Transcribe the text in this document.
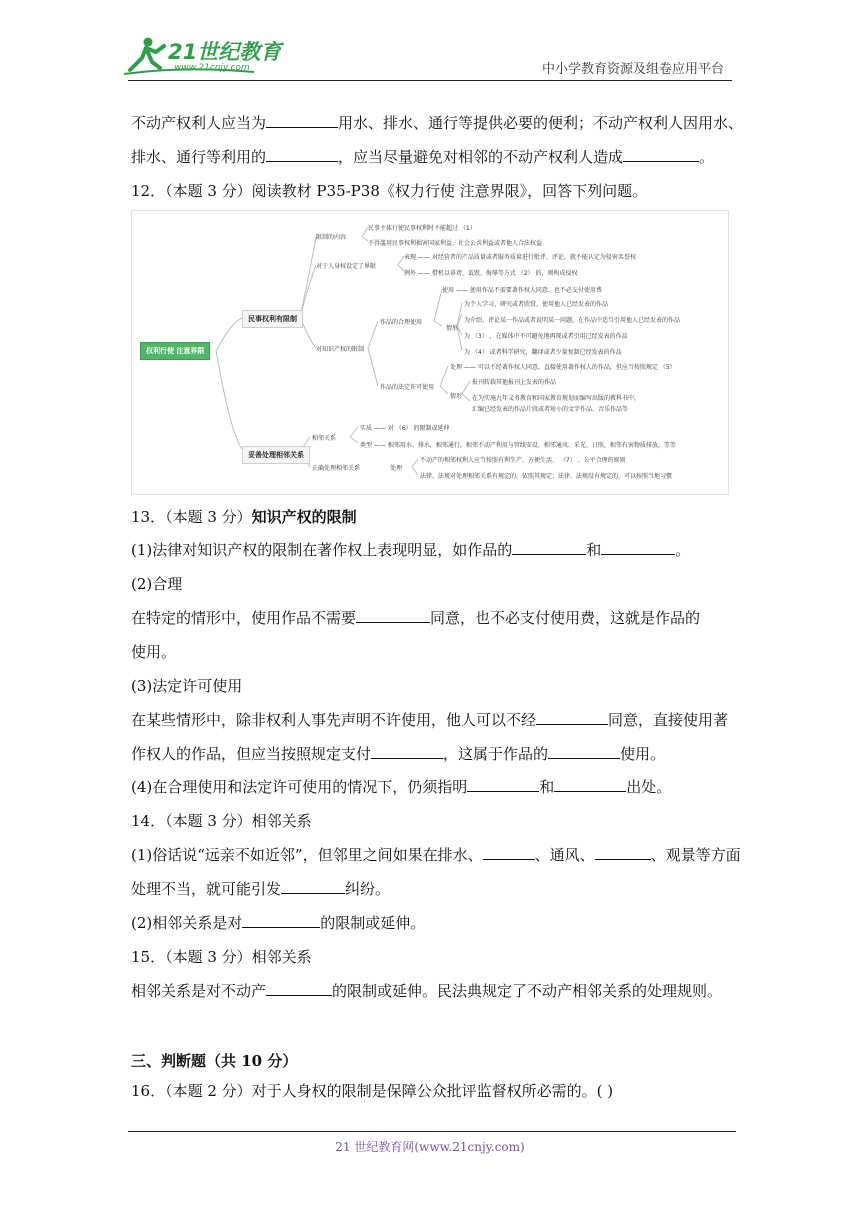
21世纪教育
www.21cnjy.com	中小学教育资源及组卷应用平台
不动产权利人应当为	用水、排水、通行等提供必要的便利；不动产权利人因用水、
排水、通行等利用的	，应当尽量避免对相邻的不动产权利人造成	。
12．（本题 3 分）阅读教材 P35-P38《权力行使 注意界限》，回答下列问题。
权利行使 注意界限
民事权利有限制
妥善处理相邻关系
限制的内容
民事主体行使民事权利时不能超过 （1）
不得滥用民事权利损害国家利益、社会公共利益或者他人合法权益
对于人身权设定了界限
表现 —— 对经营者的产品质量或者服务质量进行批评、评论，就不能认定为侵害名誉权
例外 —— 借机以诽谤、诋毁、侮辱等方式 （2） 的，则构成侵权
对知识产权的限制
作品的合理使用
使用 —— 使用作品不需要著作权人同意，也不必支付使用费
情形
为个人学习、研究或者欣赏，使用他人已经发表的作品
为介绍、评论某一作品或者说明某一问题，在作品中适当引用他人已经发表的作品
为 （3） ，在媒体中不可避免地再现或者引用已经发表的作品
为 （4） 或者科学研究，翻译或者少量复制已经发表的作品
作品的法定许可使用
处理 —— 可以不经著作权人同意，直接使用著作权人的作品，但应当按照规定 （5）
情形
报刊转载其他报刊上发表的作品
在为实施九年义务教育和国家教育规划而编写出版的教科书中，
汇编已经发表的作品片段或者短小的文字作品、音乐作品等
相邻关系
实质 —— 对 （6） 的限制或延伸
类型 —— 相邻用水、排水，相邻通行，相邻不动产利用与管线安设，相邻通风、采光、日照，相邻有害物质排放，等等
正确处理相邻关系	处理
不动产的相邻权利人应当按照有利生产、方便生活、 （7） 、公平合理的原则
法律、法规对处理相邻关系有规定的，依照其规定；法律、法规没有规定的，可以按照当地习惯
13．（本题 3 分）知识产权的限制
(1)法律对知识产权的限制在著作权上表现明显，如作品的	和	。
(2)合理
在特定的情形中，使用作品不需要	同意，也不必支付使用费，这就是作品的
使用。
(3)法定许可使用
在某些情形中，除非权利人事先声明不许使用，他人可以不经	同意，直接使用著
作权人的作品，但应当按照规定支付	，这属于作品的	使用。
(4)在合理使用和法定许可使用的情况下，仍须指明	和	出处。
14．（本题 3 分）相邻关系
(1)俗话说“远亲不如近邻”，但邻里之间如果在排水、	、通风、	、观景等方面
处理不当，就可能引发	纠纷。
(2)相邻关系是对	的限制或延伸。
15．（本题 3 分）相邻关系
相邻关系是对不动产	的限制或延伸。民法典规定了不动产相邻关系的处理规则。
三、判断题（共 10 分）
16．（本题 2 分）对于人身权的限制是保障公众批评监督权所必需的。( )
21 世纪教育网(www.21cnjy.com)
